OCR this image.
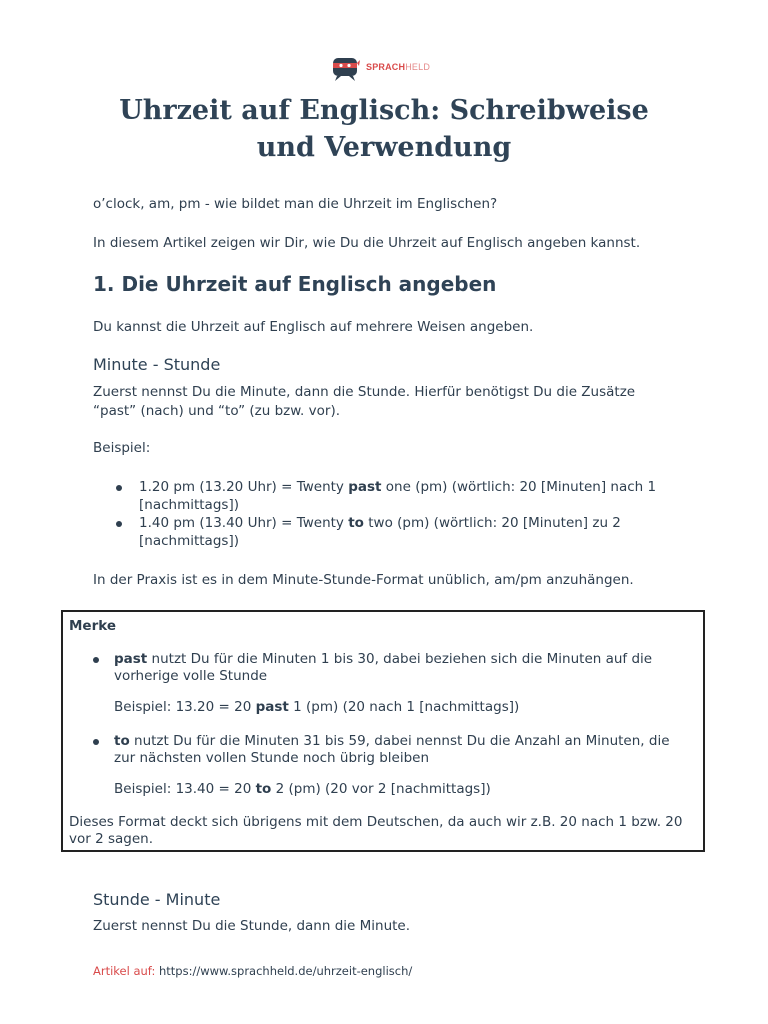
SPRACHHELD
Uhrzeit auf Englisch: Schreibweise
und Verwendung

o’clock, am, pm - wie bildet man die Uhrzeit im Englischen?

In diesem Artikel zeigen wir Dir, wie Du die Uhrzeit auf Englisch angeben kannst.

1. Die Uhrzeit auf Englisch angeben

Du kannst die Uhrzeit auf Englisch auf mehrere Weisen angeben.

Minute - Stunde

Zuerst nennst Du die Minute, dann die Stunde. Hierfür benötigst Du die Zusätze

“past” (nach) und “to” (zu bzw. vor).

Beispiel:

1.20 pm (13.20 Uhr) = Twenty past one (pm) (wörtlich: 20 [Minuten] nach 1
[nachmittags])
1.40 pm (13.40 Uhr) = Twenty to two (pm) (wörtlich: 20 [Minuten] zu 2
[nachmittags])

In der Praxis ist es in dem Minute-Stunde-Format unüblich, am/pm anzuhängen.

Merke
past nutzt Du für die Minuten 1 bis 30, dabei beziehen sich die Minuten auf die
vorherige volle Stunde
Beispiel: 13.20 = 20 past 1 (pm) (20 nach 1 [nachmittags])
to nutzt Du für die Minuten 31 bis 59, dabei nennst Du die Anzahl an Minuten, die
zur nächsten vollen Stunde noch übrig bleiben
Beispiel: 13.40 = 20 to 2 (pm) (20 vor 2 [nachmittags])
Dieses Format deckt sich übrigens mit dem Deutschen, da auch wir z.B. 20 nach 1 bzw. 20
vor 2 sagen.
Stunde - Minute

Zuerst nennst Du die Stunde, dann die Minute.

Artikel auf: https://www.sprachheld.de/uhrzeit-englisch/
